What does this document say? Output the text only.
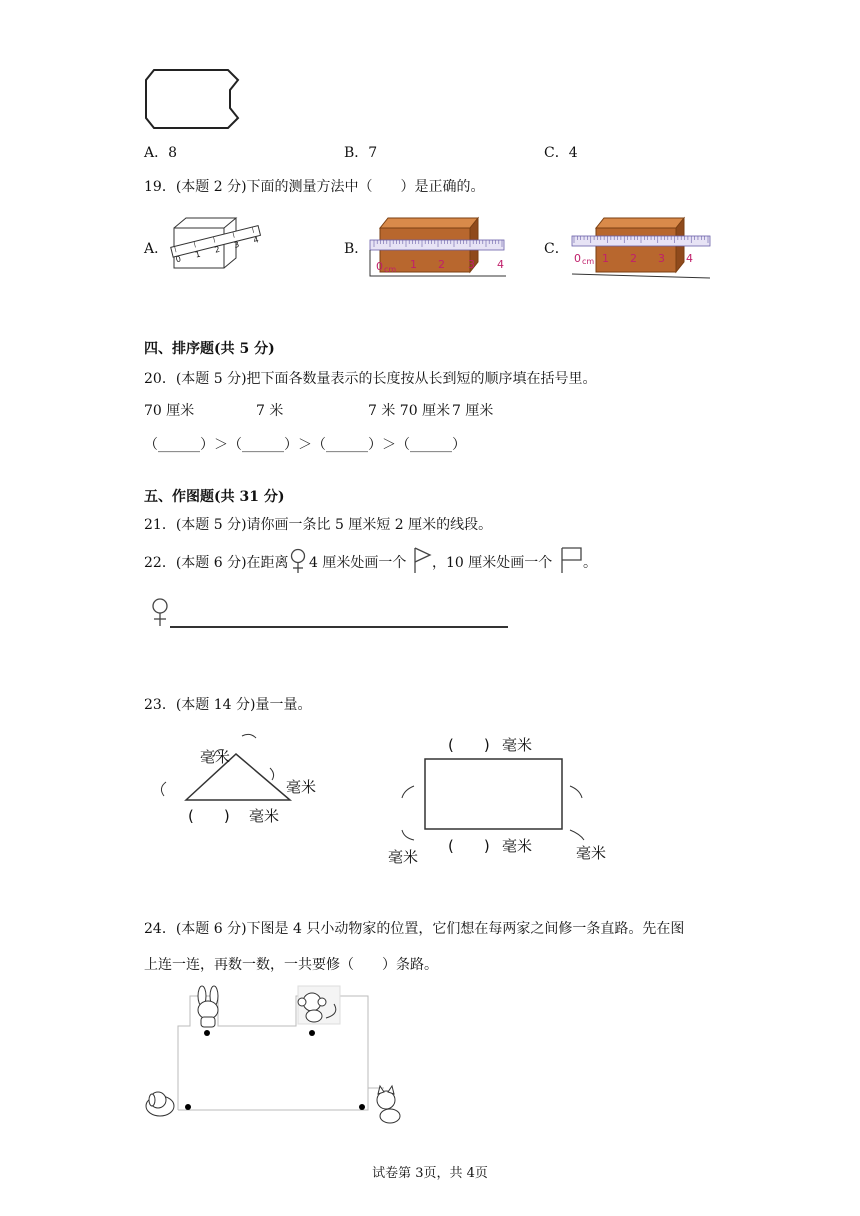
A．8	B．7	C．4
19．(本题 2 分)下面的测量方法中（　　）是正确的。
A．
0 1 2 3 4
B．
0 cm 1 2 3 4
C．
0 cm 1 2 3 4
四、排序题(共 5 分)
20．(本题 5 分)把下面各数量表示的长度按从长到短的顺序填在括号里。
70 厘米	7 米	7 米 70 厘米 7 厘米
（______）＞（______）＞（______）＞（______）
五、作图题(共 31 分)
21．(本题 5 分)请你画一条比 5 厘米短 2 厘米的线段。
22．(本题 6 分)在距离 4 厘米处画一个 ，10 厘米处画一个 。
23．(本题 14 分)量一量。
毫米
毫米
毫米
(　　)
(　　) 毫米
(　　) 毫米
毫米	毫米
24．(本题 6 分)下图是 4 只小动物家的位置，它们想在每两家之间修一条直路。先在图
上连一连，再数一数，一共要修（　　）条路。
试卷第 3页，共 4页
